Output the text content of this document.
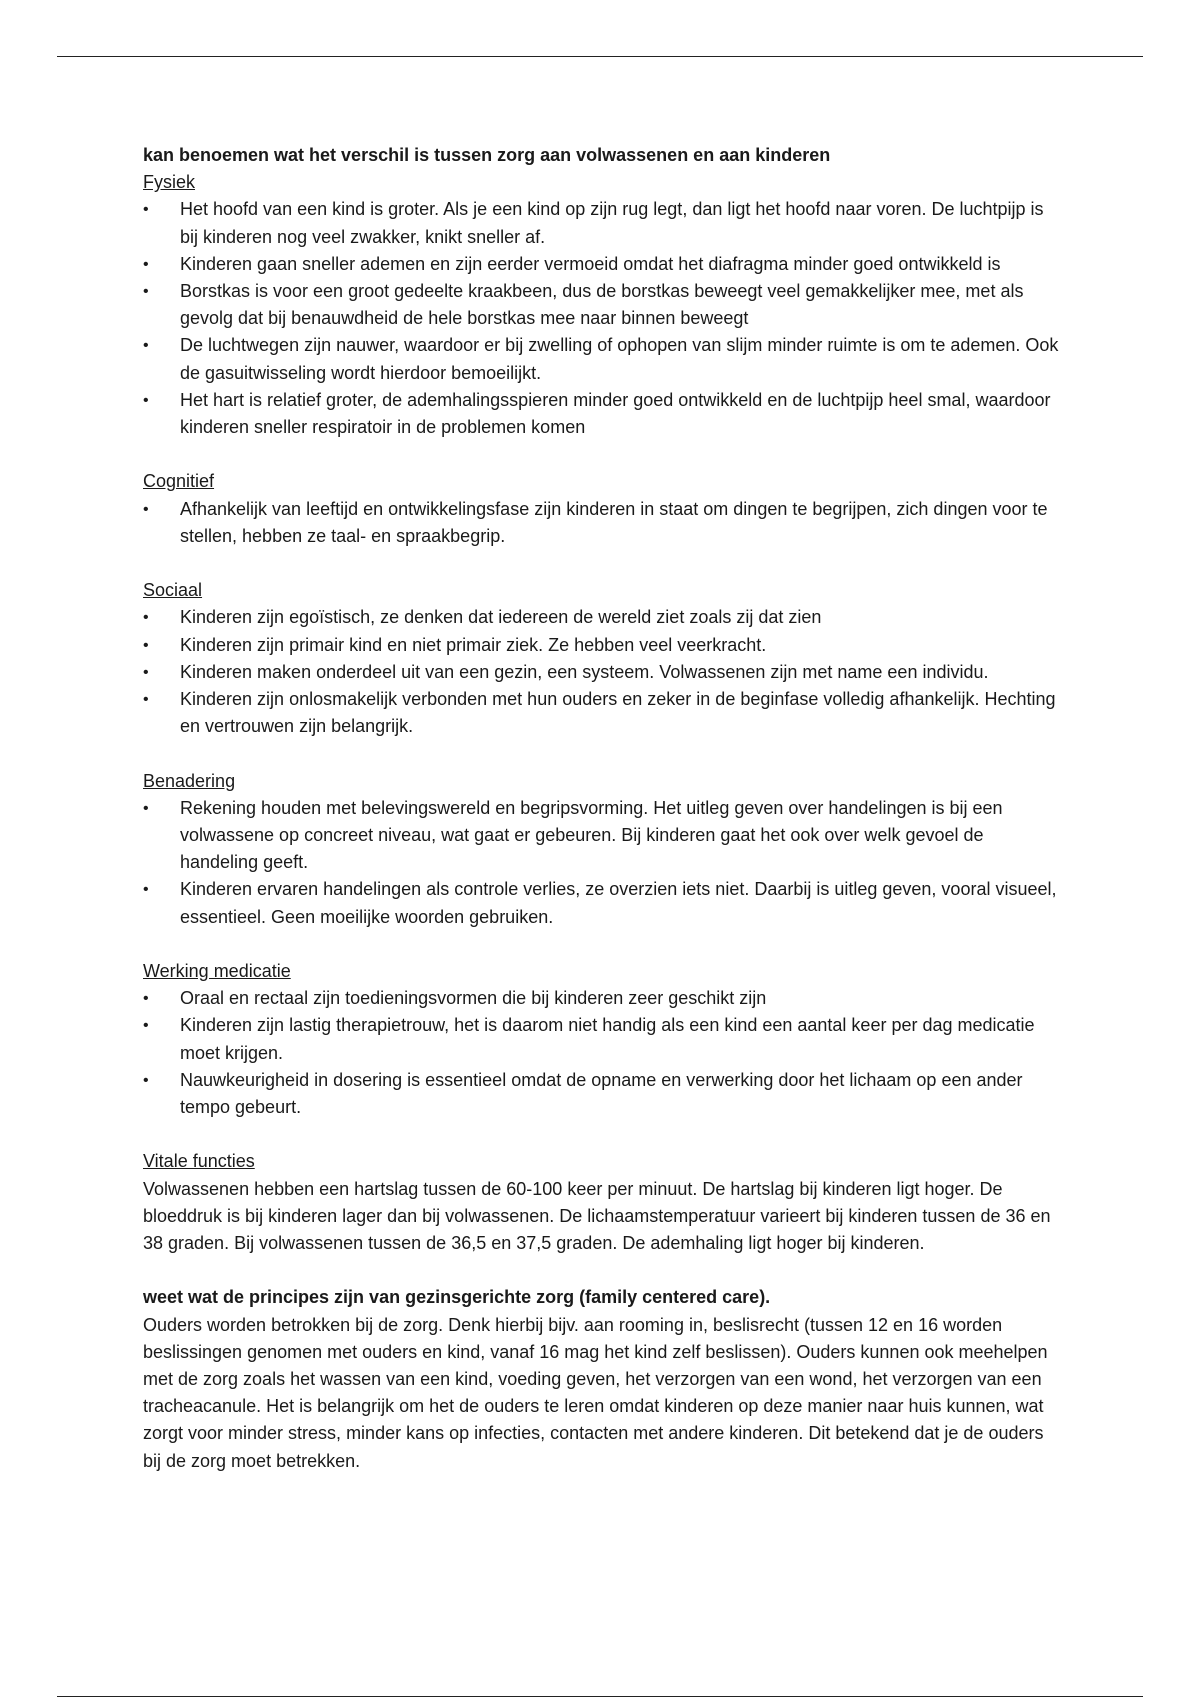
kan benoemen wat het verschil is tussen zorg aan volwassenen en aan kinderen

Fysiek

• Het hoofd van een kind is groter. Als je een kind op zijn rug legt, dan ligt het hoofd naar voren. De luchtpijp is bij kinderen nog veel zwakker, knikt sneller af.
• Kinderen gaan sneller ademen en zijn eerder vermoeid omdat het diafragma minder goed ontwikkeld is
• Borstkas is voor een groot gedeelte kraakbeen, dus de borstkas beweegt veel gemakkelijker mee, met als gevolg dat bij benauwdheid de hele borstkas mee naar binnen beweegt
• De luchtwegen zijn nauwer, waardoor er bij zwelling of ophopen van slijm minder ruimte is om te ademen. Ook de gasuitwisseling wordt hierdoor bemoeilijkt.
• Het hart is relatief groter, de ademhalingsspieren minder goed ontwikkeld en de luchtpijp heel smal, waardoor kinderen sneller respiratoir in de problemen komen

Cognitief

• Afhankelijk van leeftijd en ontwikkelingsfase zijn kinderen in staat om dingen te begrijpen, zich dingen voor te stellen, hebben ze taal- en spraakbegrip.

Sociaal

• Kinderen zijn egoïstisch, ze denken dat iedereen de wereld ziet zoals zij dat zien
• Kinderen zijn primair kind en niet primair ziek. Ze hebben veel veerkracht.
• Kinderen maken onderdeel uit van een gezin, een systeem. Volwassenen zijn met name een individu.
• Kinderen zijn onlosmakelijk verbonden met hun ouders en zeker in de beginfase volledig afhankelijk. Hechting en vertrouwen zijn belangrijk.

Benadering

• Rekening houden met belevingswereld en begripsvorming. Het uitleg geven over handelingen is bij een volwassene op concreet niveau, wat gaat er gebeuren. Bij kinderen gaat het ook over welk gevoel de handeling geeft.
• Kinderen ervaren handelingen als controle verlies, ze overzien iets niet. Daarbij is uitleg geven, vooral visueel, essentieel. Geen moeilijke woorden gebruiken.

Werking medicatie

• Oraal en rectaal zijn toedieningsvormen die bij kinderen zeer geschikt zijn
• Kinderen zijn lastig therapietrouw, het is daarom niet handig als een kind een aantal keer per dag medicatie moet krijgen.
• Nauwkeurigheid in dosering is essentieel omdat de opname en verwerking door het lichaam op een ander tempo gebeurt.

Vitale functies

Volwassenen hebben een hartslag tussen de 60-100 keer per minuut. De hartslag bij kinderen ligt hoger. De bloeddruk is bij kinderen lager dan bij volwassenen. De lichaamstemperatuur varieert bij kinderen tussen de 36 en 38 graden. Bij volwassenen tussen de 36,5 en 37,5 graden. De ademhaling ligt hoger bij kinderen.

weet wat de principes zijn van gezinsgerichte zorg (family centered care).

Ouders worden betrokken bij de zorg. Denk hierbij bijv. aan rooming in, beslisrecht (tussen 12 en 16 worden beslissingen genomen met ouders en kind, vanaf 16 mag het kind zelf beslissen). Ouders kunnen ook meehelpen met de zorg zoals het wassen van een kind, voeding geven, het verzorgen van een wond, het verzorgen van een tracheacanule. Het is belangrijk om het de ouders te leren omdat kinderen op deze manier naar huis kunnen, wat zorgt voor minder stress, minder kans op infecties, contacten met andere kinderen. Dit betekend dat je de ouders bij de zorg moet betrekken.
